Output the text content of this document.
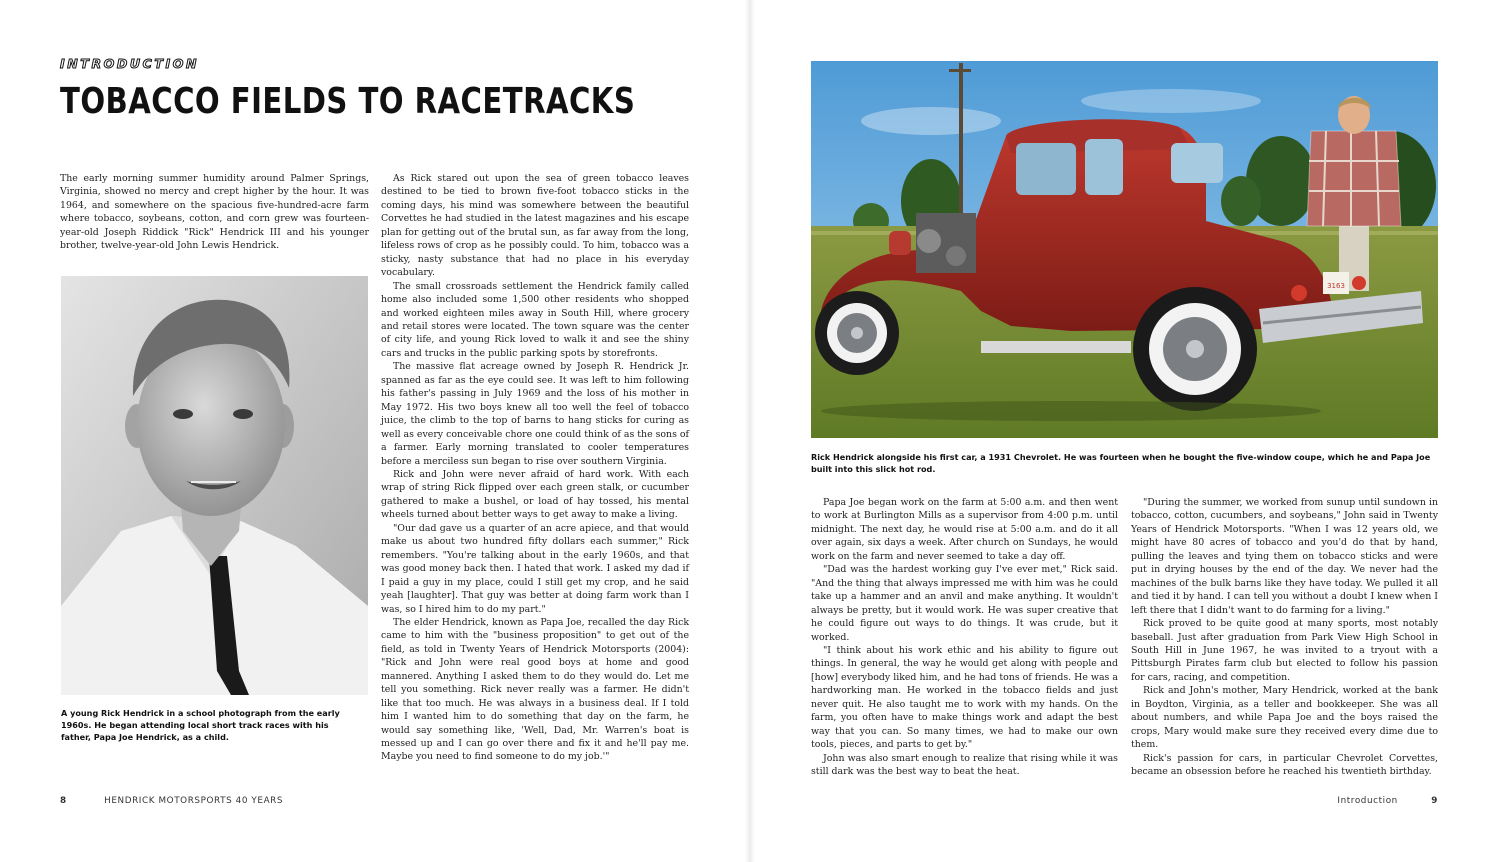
INTRODUCTION
TOBACCO FIELDS TO RACETRACKS

The early morning summer humidity around Palmer Springs, Virginia, showed no mercy and crept higher by the hour. It was 1964, and somewhere on the spacious five-hundred-acre farm where tobacco, soybeans, cotton, and corn grew was fourteen-year-old Joseph Riddick "Rick" Hendrick III and his younger brother, twelve-year-old John Lewis Hendrick.

A young Rick Hendrick in a school photograph from the early 1960s. He began attending local short track races with his father, Papa Joe Hendrick, as a child.

As Rick stared out upon the sea of green tobacco leaves destined to be tied to brown five-foot tobacco sticks in the coming days, his mind was somewhere between the beautiful Corvettes he had studied in the latest magazines and his escape plan for getting out of the brutal sun, as far away from the long, lifeless rows of crop as he possibly could. To him, tobacco was a sticky, nasty substance that had no place in his everyday vocabulary.

The small crossroads settlement the Hendrick family called home also included some 1,500 other residents who shopped and worked eighteen miles away in South Hill, where grocery and retail stores were located. The town square was the center of city life, and young Rick loved to walk it and see the shiny cars and trucks in the public parking spots by storefronts.

The massive flat acreage owned by Joseph R. Hendrick Jr. spanned as far as the eye could see. It was left to him following his father's passing in July 1969 and the loss of his mother in May 1972. His two boys knew all too well the feel of tobacco juice, the climb to the top of barns to hang sticks for curing as well as every conceivable chore one could think of as the sons of a farmer. Early morning translated to cooler temperatures before a merciless sun began to rise over southern Virginia.

Rick and John were never afraid of hard work. With each wrap of string Rick flipped over each green stalk, or cucumber gathered to make a bushel, or load of hay tossed, his mental wheels turned about better ways to get away to make a living.

"Our dad gave us a quarter of an acre apiece, and that would make us about two hundred fifty dollars each summer," Rick remembers. "You're talking about in the early 1960s, and that was good money back then. I hated that work. I asked my dad if I paid a guy in my place, could I still get my crop, and he said yeah [laughter]. That guy was better at doing farm work than I was, so I hired him to do my part."

The elder Hendrick, known as Papa Joe, recalled the day Rick came to him with the "business proposition" to get out of the field, as told in Twenty Years of Hendrick Motorsports (2004): "Rick and John were real good boys at home and good mannered. Anything I asked them to do they would do. Let me tell you something. Rick never really was a farmer. He didn't like that too much. He was always in a business deal. If I told him I wanted him to do something that day on the farm, he would say something like, 'Well, Dad, Mr. Warren's boat is messed up and I can go over there and fix it and he'll pay me. Maybe you need to find someone to do my job.'"

8	HENDRICK MOTORSPORTS 40 YEARS
3163
Rick Hendrick alongside his first car, a 1931 Chevrolet. He was fourteen when he bought the five-window coupe, which he and Papa Joe built into this slick hot rod.

Papa Joe began work on the farm at 5:00 a.m. and then went to work at Burlington Mills as a supervisor from 4:00 p.m. until midnight. The next day, he would rise at 5:00 a.m. and do it all over again, six days a week. After church on Sundays, he would work on the farm and never seemed to take a day off.

"Dad was the hardest working guy I've ever met," Rick said. "And the thing that always impressed me with him was he could take up a hammer and an anvil and make anything. It wouldn't always be pretty, but it would work. He was super creative that he could figure out ways to do things. It was crude, but it worked.

"I think about his work ethic and his ability to figure out things. In general, the way he would get along with people and [how] everybody liked him, and he had tons of friends. He was a hardworking man. He worked in the tobacco fields and just never quit. He also taught me to work with my hands. On the farm, you often have to make things work and adapt the best way that you can. So many times, we had to make our own tools, pieces, and parts to get by."

John was also smart enough to realize that rising while it was still dark was the best way to beat the heat.

"During the summer, we worked from sunup until sundown in tobacco, cotton, cucumbers, and soybeans," John said in Twenty Years of Hendrick Motorsports. "When I was 12 years old, we might have 80 acres of tobacco and you'd do that by hand, pulling the leaves and tying them on tobacco sticks and were put in drying houses by the end of the day. We never had the machines of the bulk barns like they have today. We pulled it all and tied it by hand. I can tell you without a doubt I knew when I left there that I didn't want to do farming for a living."

Rick proved to be quite good at many sports, most notably baseball. Just after graduation from Park View High School in South Hill in June 1967, he was invited to a tryout with a Pittsburgh Pirates farm club but elected to follow his passion for cars, racing, and competition.

Rick and John's mother, Mary Hendrick, worked at the bank in Boydton, Virginia, as a teller and bookkeeper. She was all about numbers, and while Papa Joe and the boys raised the crops, Mary would make sure they received every dime due to them.

Rick's passion for cars, in particular Chevrolet Corvettes, became an obsession before he reached his twentieth birthday.

Introduction	9
